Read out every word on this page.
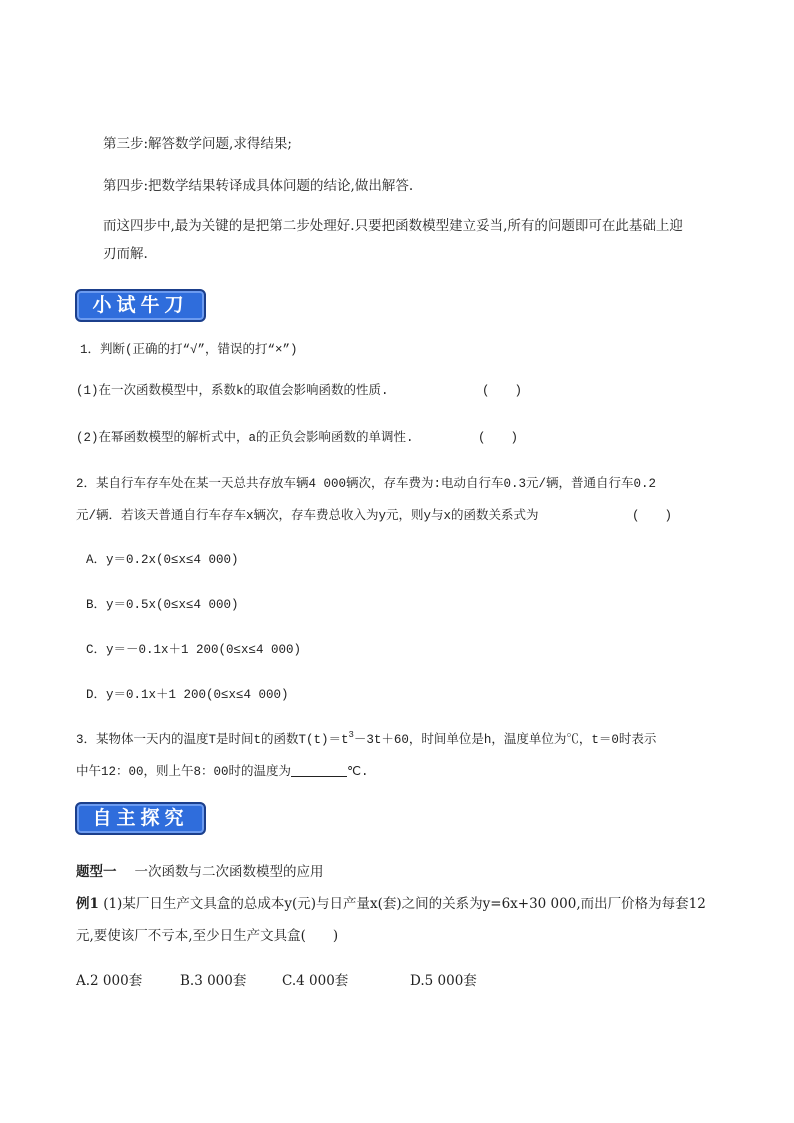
第三步:解答数学问题,求得结果;
第四步:把数学结果转译成具体问题的结论,做出解答.
而这四步中,最为关键的是把第二步处理好.只要把函数模型建立妥当,所有的问题即可在此基础上迎
刃而解.
小试牛刀
1．判断(正确的打“√”，错误的打“×”)
(1)在一次函数模型中，系数k的取值会影响函数的性质.	(　　)
(2)在幂函数模型的解析式中，a的正负会影响函数的单调性.	(　　)
2．某自行车存车处在某一天总共存放车辆4 000辆次，存车费为:电动自行车0.3元/辆，普通自行车0.2
元/辆．若该天普通自行车存车x辆次，存车费总收入为y元，则y与x的函数关系式为	(　　)
A．y＝0.2x(0≤x≤4 000)
B．y＝0.5x(0≤x≤4 000)
C．y＝－0.1x＋1 200(0≤x≤4 000)
D．y＝0.1x＋1 200(0≤x≤4 000)
3．某物体一天内的温度T是时间t的函数$T(t)=t^3-3t+60$，时间单位是h，温度单位为℃，t＝0时表示
中午12：00，则上午8：00时的温度为	℃.
自主探究
题型一 一次函数与二次函数模型的应用
例1 (1)某厂日生产文具盒的总成本y(元)与日产量x(套)之间的关系为y=6x+30 000,而出厂价格为每套12
元,要使该厂不亏本,至少日生产文具盒(　　)
A.2 000套	B.3 000套	C.4 000套	D.5 000套
